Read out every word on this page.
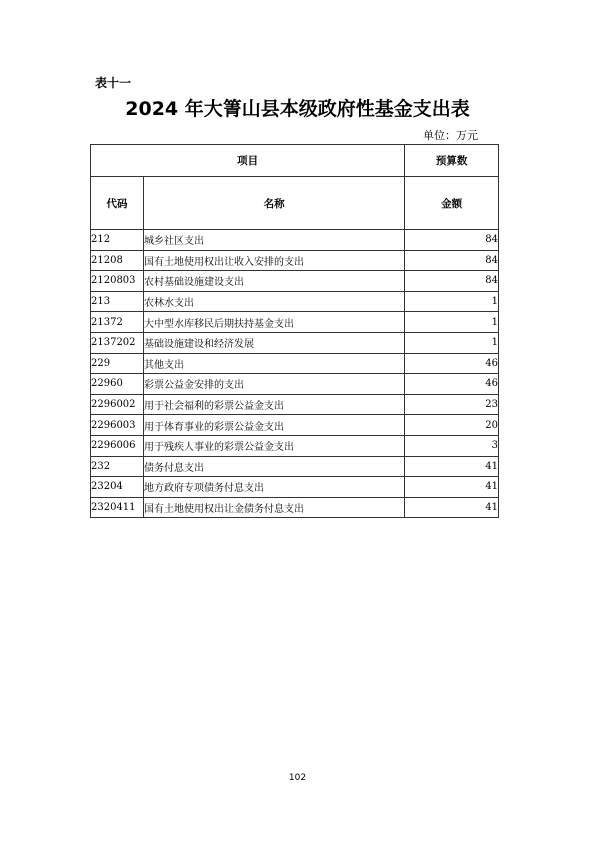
表十一
2024 年大箐山县本级政府性基金支出表
单位：万元
项目		预算数
代码	名称	金额
212	城乡社区支出	84
21208	国有土地使用权出让收入安排的支出	84
2120803	农村基础设施建设支出	84
213	农林水支出	1
21372	大中型水库移民后期扶持基金支出	1
2137202	基础设施建设和经济发展	1
229	其他支出	46
22960	彩票公益金安排的支出	46
2296002	用于社会福利的彩票公益金支出	23
2296003	用于体育事业的彩票公益金支出	20
2296006	用于残疾人事业的彩票公益金支出	3
232	债务付息支出	41
23204	地方政府专项债务付息支出	41
2320411	国有土地使用权出让金债务付息支出	41
102
